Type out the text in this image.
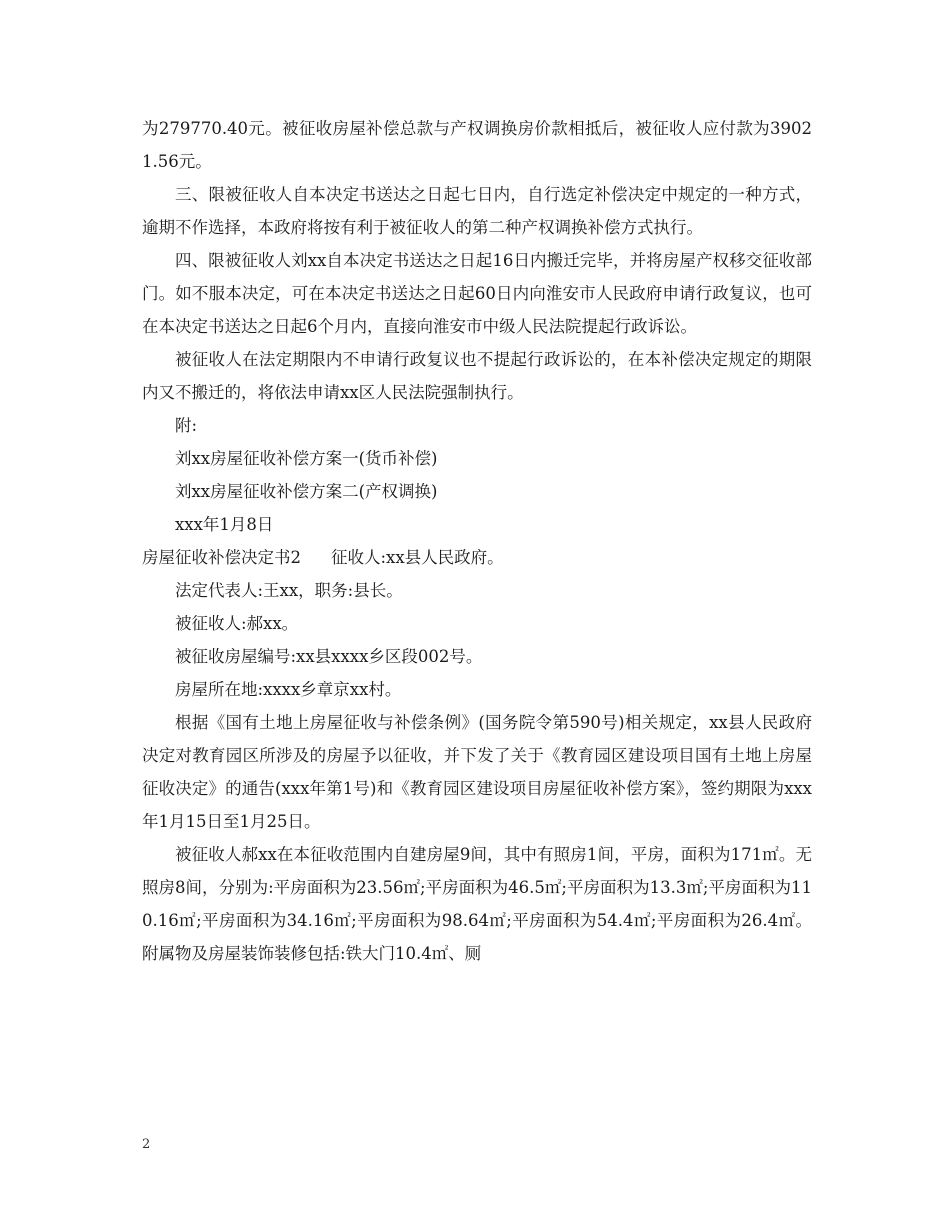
为279770.40元。被征收房屋补偿总款与产权调换房价款相抵后，被征收人应付款为39021.56元。

三、限被征收人自本决定书送达之日起七日内，自行选定补偿决定中规定的一种方式，逾期不作选择，本政府将按有利于被征收人的第二种产权调换补偿方式执行。

四、限被征收人刘xx自本决定书送达之日起16日内搬迁完毕，并将房屋产权移交征收部门。如不服本决定，可在本决定书送达之日起60日内向淮安市人民政府申请行政复议，也可在本决定书送达之日起6个月内，直接向淮安市中级人民法院提起行政诉讼。

被征收人在法定期限内不申请行政复议也不提起行政诉讼的，在本补偿决定规定的期限内又不搬迁的，将依法申请xx区人民法院强制执行。

附:

刘xx房屋征收补偿方案一(货币补偿)

刘xx房屋征收补偿方案二(产权调换)

xxx年1月8日

房屋征收补偿决定书2 征收人:xx县人民政府。

法定代表人:王xx，职务:县长。

被征收人:郝xx。

被征收房屋编号:xx县xxxx乡区段002号。

房屋所在地:xxxx乡章京xx村。

根据《国有土地上房屋征收与补偿条例》(国务院令第590号)相关规定，xx县人民政府决定对教育园区所涉及的房屋予以征收，并下发了关于《教育园区建设项目国有土地上房屋征收决定》的通告(xxx年第1号)和《教育园区建设项目房屋征收补偿方案》，签约期限为xxx年1月15日至1月25日。

被征收人郝xx在本征收范围内自建房屋9间，其中有照房1间，平房，面积为171㎡。无照房8间，分别为:平房面积为23.56㎡;平房面积为46.5㎡;平房面积为13.3㎡;平房面积为110.16㎡;平房面积为34.16㎡;平房面积为98.64㎡;平房面积为54.4㎡;平房面积为26.4㎡。附属物及房屋装饰装修包括:铁大门10.4㎡、厕

2
